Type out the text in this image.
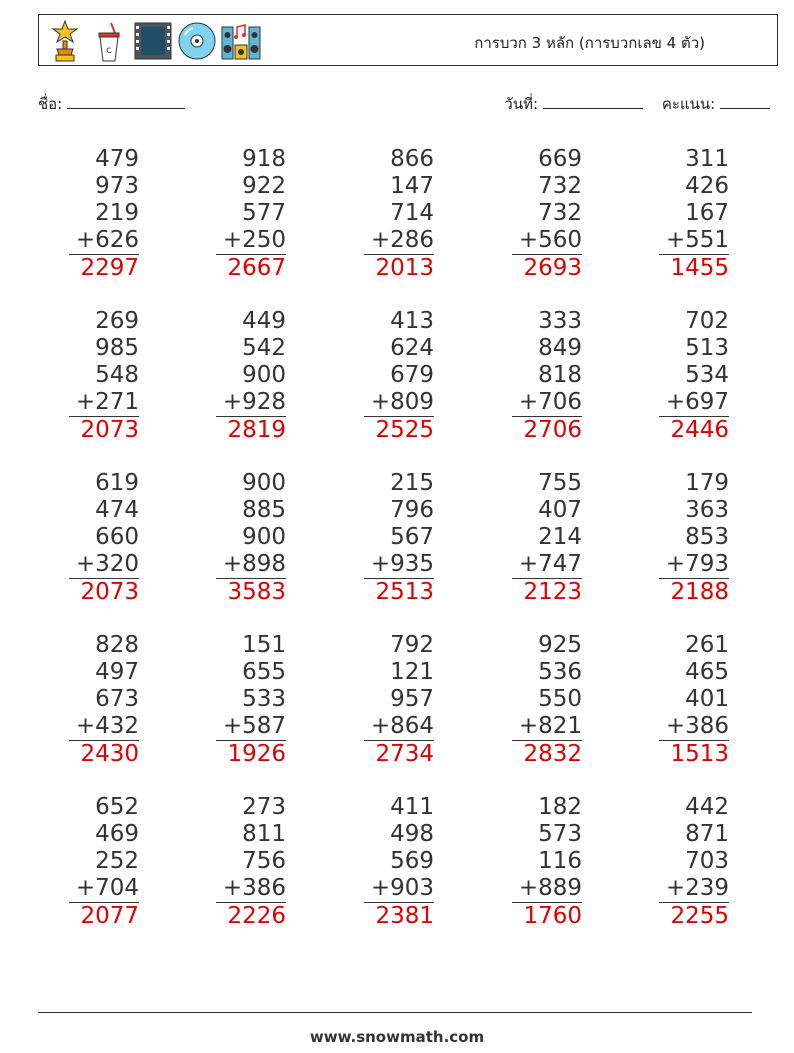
c	การบวก 3 หลัก (การบวกเลข 4 ตัว)
ชื่อ:	วันที่:	คะแนน:
479
973
219
+626
2297
918
922
577
+250
2667
866
147
714
+286
2013
669
732
732
+560
2693
311
426
167
+551
1455
269
985
548
+271
2073
449
542
900
+928
2819
413
624
679
+809
2525
333
849
818
+706
2706
702
513
534
+697
2446
619
474
660
+320
2073
900
885
900
+898
3583
215
796
567
+935
2513
755
407
214
+747
2123
179
363
853
+793
2188
828
497
673
+432
2430
151
655
533
+587
1926
792
121
957
+864
2734
925
536
550
+821
2832
261
465
401
+386
1513
652
469
252
+704
2077
273
811
756
+386
2226
411
498
569
+903
2381
182
573
116
+889
1760
442
871
703
+239
2255
www.snowmath.com
